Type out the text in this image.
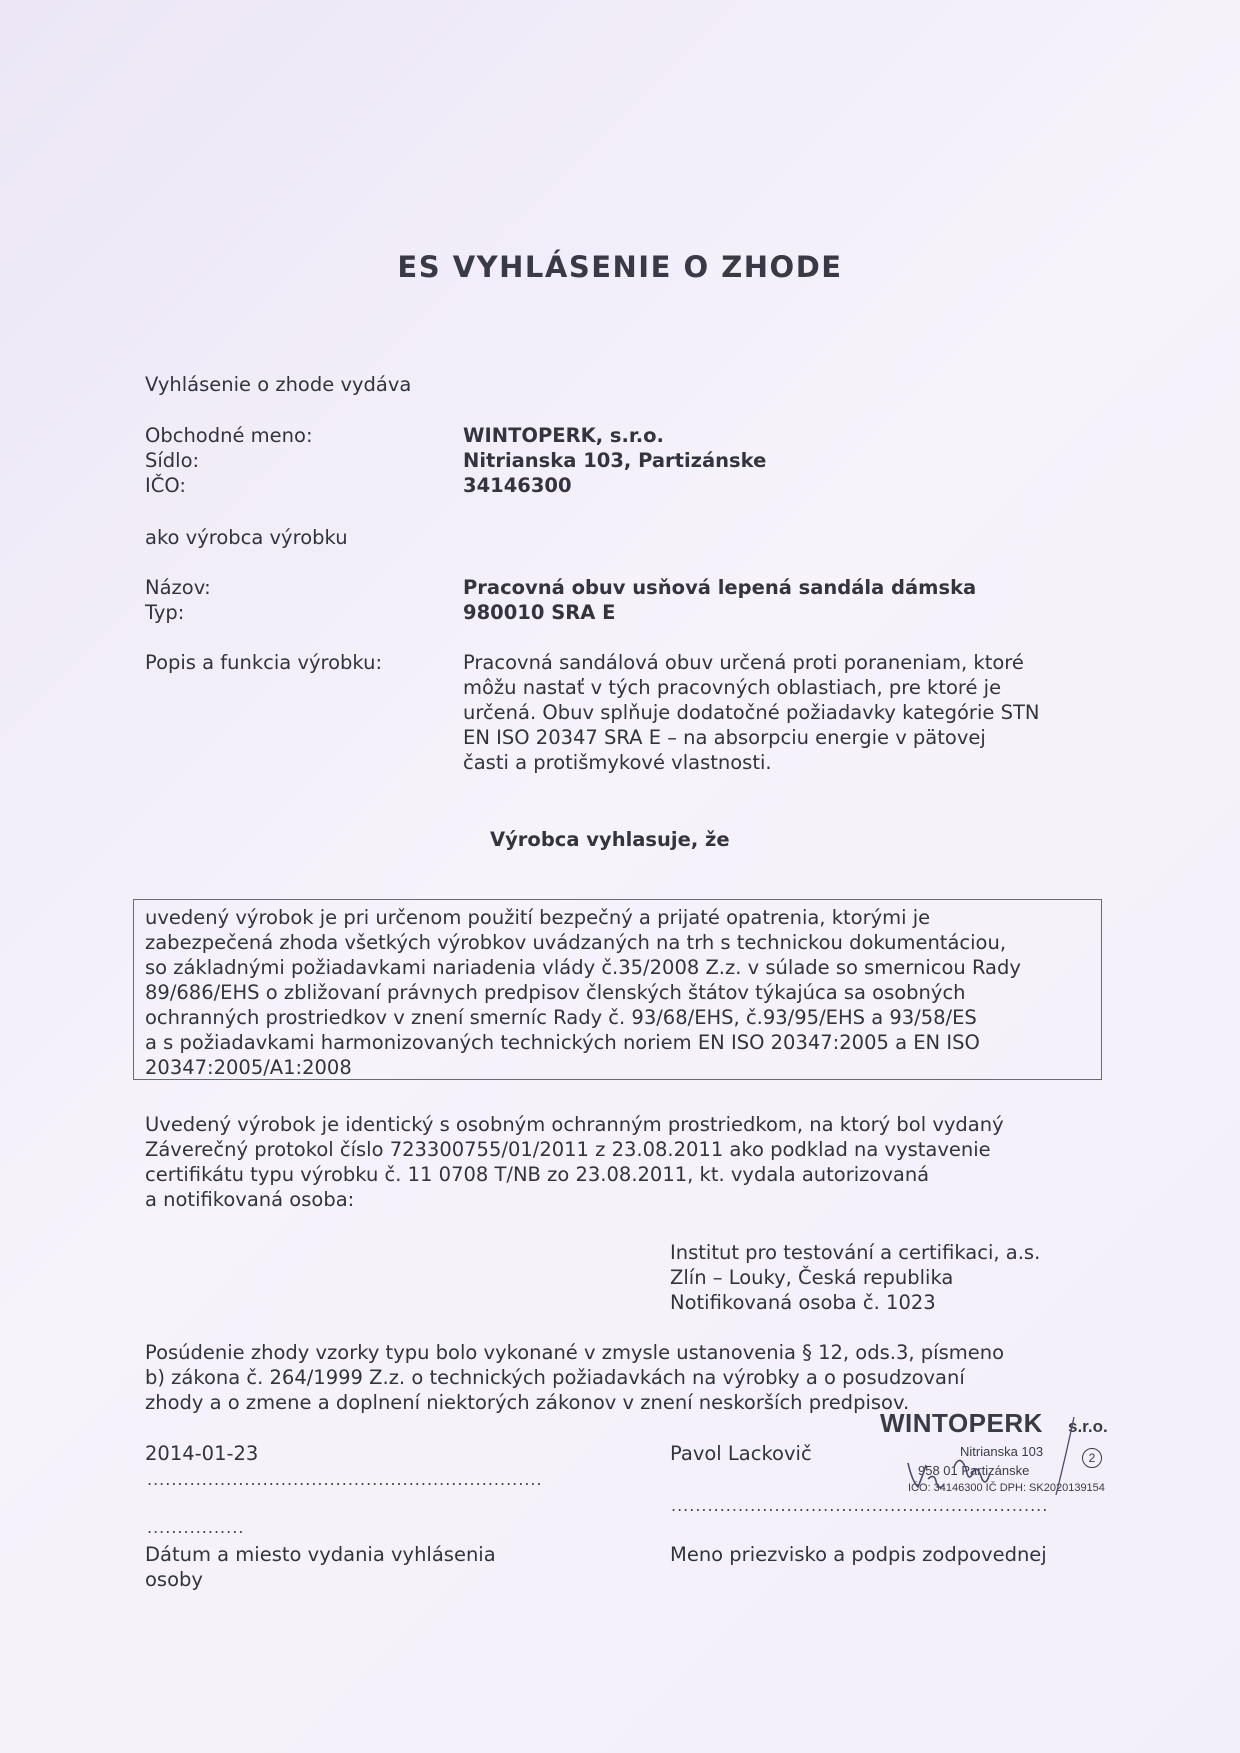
ES VYHLÁSENIE O ZHODE
Vyhlásenie o zhode vydáva
Obchodné meno:	WINTOPERK, s.r.o.
Sídlo:	Nitrianska 103, Partizánske
IČO:	34146300
ako výrobca výrobku
Názov:	Pracovná obuv usňová lepená sandála dámska
Typ:	980010 SRA E
Popis a funkcia výrobku:	Pracovná sandálová obuv určená proti poraneniam, ktoré
môžu nastať v tých pracovných oblastiach, pre ktoré je
určená. Obuv splňuje dodatočné požiadavky kategórie STN
EN ISO 20347 SRA E – na absorpciu energie v pätovej
časti a protišmykové vlastnosti.
Výrobca vyhlasuje, že
uvedený výrobok je pri určenom použití bezpečný a prijaté opatrenia, ktorými je
zabezpečená zhoda všetkých výrobkov uvádzaných na trh s technickou dokumentáciou,
so základnými požiadavkami nariadenia vlády č.35/2008 Z.z. v súlade so smernicou Rady
89/686/EHS o zbližovaní právnych predpisov členských štátov týkajúca sa osobných
ochranných prostriedkov v znení smerníc Rady č. 93/68/EHS, č.93/95/EHS a 93/58/ES
a s požiadavkami harmonizovaných technických noriem EN ISO 20347:2005 a EN ISO
20347:2005/A1:2008
Uvedený výrobok je identický s osobným ochranným prostriedkom, na ktorý bol vydaný
Záverečný protokol číslo 723300755/01/2011 z 23.08.2011 ako podklad na vystavenie
certifikátu typu výrobku č. 11 0708 T/NB zo 23.08.2011, kt. vydala autorizovaná
a notifikovaná osoba:
Institut pro testování a certifikaci, a.s.
Zlín – Louky, Česká republika
Notifikovaná osoba č. 1023
Posúdenie zhody vzorky typu bolo vykonané v zmysle ustanovenia § 12, ods.3, písmeno
b) zákona č. 264/1999 Z.z. o technických požiadavkách na výrobky a o posudzovaní
zhody a o zmene a doplnení niektorých zákonov v znení neskorších predpisov.
2014-01-23
.................................................................
................
Pavol Lackovič
..............................................................
Dátum a miesto vydania vyhlásenia
osoby
Meno priezvisko a podpis zodpovednej
WINTOPERK s.r.o.
Nitrianska 103
958 01 Partizánske
IČO: 34146300 IČ DPH: SK2020139154
2
